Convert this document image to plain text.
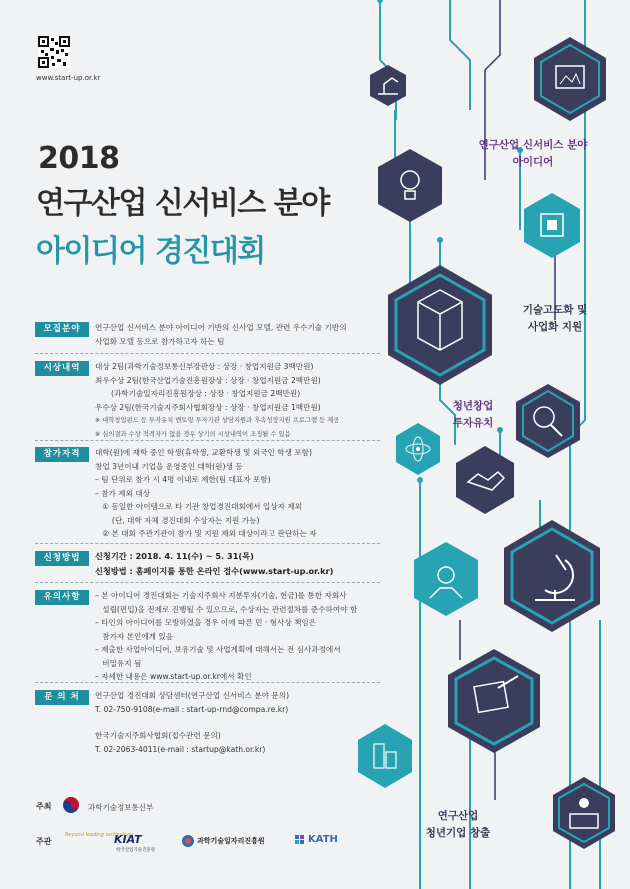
www.start-up.or.kr
2018
연구산업 신서비스 분야
아이디어 경진대회
모집분야	연구산업 신서비스 분야 아이디어 기반의 신사업 모델, 관련 우수기술 기반의
사업화 모델 등으로 참가하고자 하는 팀
시상내역	대상 2팀(과학기술정보통신부장관상 : 상장 · 창업지원금 3백만원)
최우수상 2팀(한국산업기술진흥원장상 : 상장 · 창업지원금 2백만원)
(과학기술일자리진흥원장상 : 상장 · 창업지원금 2백만원)
우수상 2팀(한국기술지주회사협회장상 : 상장 · 창업지원금 1백만원)
※ 대학창업펀드 등 투자유치 멘토링 투자기관 상담지원과 후속성장지원 프로그램 등 제공
※ 심의결과 수상 적격자가 없을 경우 상기의 시상내역이 조정될 수 있음
참가자격	대학(원)에 재학 중인 학생(휴학생, 교환학생 및 외국인 학생 포함)
창업 3년이내 기업을 운영중인 대학(원)생 등
– 팀 단위로 참가 시 4명 이내로 제한(팀 대표자 포함)
– 참가 제외 대상
① 동일한 아이템으로 타 기관 창업경진대회에서 입상자 제외
(단, 대학 자체 경진대회 수상자는 지원 가능)
② 본 대회 주관기관이 참가 및 지원 제외 대상이라고 판단하는 자
신청방법	신청기간 : 2018. 4. 11(수) ~ 5. 31(목)
신청방법 : 홈페이지를 통한 온라인 접수(www.start-up.or.kr)
유의사항	– 본 아이디어 경진대회는 기술지주회사 지분투자(기술, 현금)를 통한 자회사
설립(편입)을 전제로 진행될 수 있으므로, 수상자는 관련절차를 준수하여야 함
– 타인의 아이디어를 모방하였을 경우 이에 따른 민 · 형사상 책임은
참가자 본인에게 있음
– 제출한 사업아이디어, 보유기술 및 사업계획에 대해서는 전 심사과정에서
비밀유지 됨
– 자세한 내용은 www.start-up.or.kr에서 확인
문 의 처	연구산업 경진대회 상담센터(연구산업 신서비스 분야 문의)
T. 02-750-9108(e-mail : start-up-rnd@compa.re.kr)
한국기술지주회사협회(접수관련 문의)
T. 02-2063-4011(e-mail : startup@kath.or.kr)
주최	과학기술정보통신부
주관
Beyond leading technology
KIAT
한국산업기술진흥원
과학기술일자리진흥원	KATH
연구산업 신서비스 분야
아이디어
기술고도화 및
사업화 지원
청년창업
투자유치
연구산업
청년기업 창출
